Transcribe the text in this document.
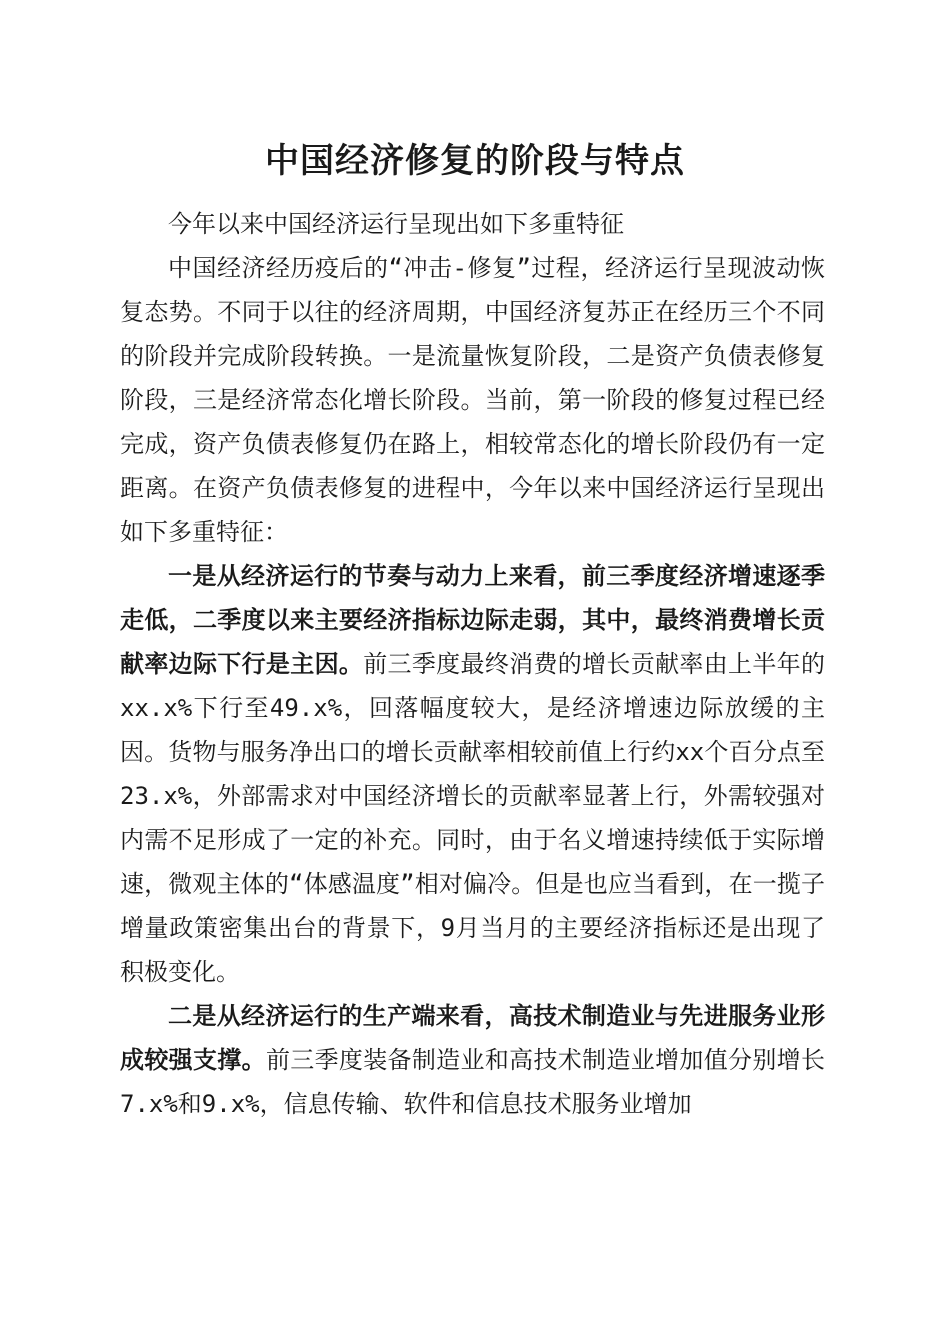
中国经济修复的阶段与特点

今年以来中国经济运行呈现出如下多重特征

中国经济经历疫后的“冲击-修复”过程，经济运行呈现波动恢复态势。不同于以往的经济周期，中国经济复苏正在经历三个不同的阶段并完成阶段转换。一是流量恢复阶段，二是资产负债表修复阶段，三是经济常态化增长阶段。当前，第一阶段的修复过程已经完成，资产负债表修复仍在路上，相较常态化的增长阶段仍有一定距离。在资产负债表修复的进程中，今年以来中国经济运行呈现出如下多重特征：

一是从经济运行的节奏与动力上来看，前三季度经济增速逐季走低，二季度以来主要经济指标边际走弱，其中，最终消费增长贡献率边际下行是主因。前三季度最终消费的增长贡献率由上半年的xx.x%下行至49.x%，回落幅度较大，是经济增速边际放缓的主因。货物与服务净出口的增长贡献率相较前值上行约xx个百分点至23.x%，外部需求对中国经济增长的贡献率显著上行，外需较强对内需不足形成了一定的补充。同时，由于名义增速持续低于实际增速，微观主体的“体感温度”相对偏冷。但是也应当看到，在一揽子增量政策密集出台的背景下，9月当月的主要经济指标还是出现了积极变化。

二是从经济运行的生产端来看，高技术制造业与先进服务业形成较强支撑。前三季度装备制造业和高技术制造业增加值分别增长7.x%和9.x%，信息传输、软件和信息技术服务业增加
